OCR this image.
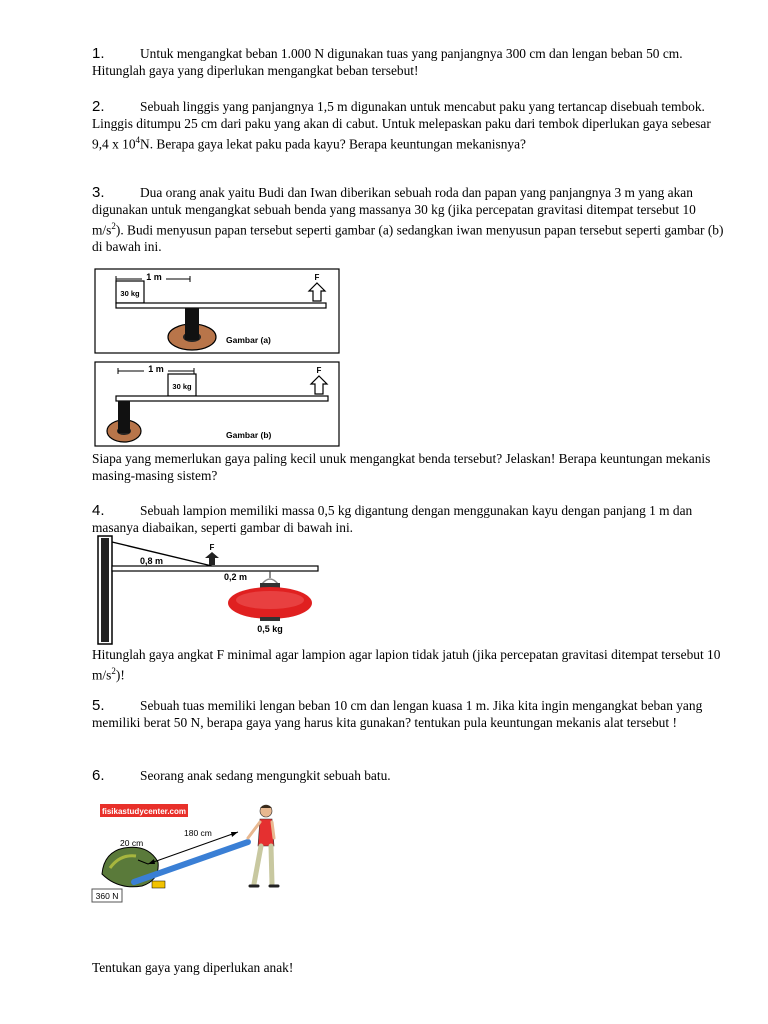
1.	Untuk mengangkat beban 1.000 N digunakan tuas yang panjangnya 300 cm dan lengan beban 50 cm. Hitunglah gaya yang diperlukan mengangkat beban tersebut!
2.	Sebuah linggis yang panjangnya 1,5 m digunakan untuk mencabut paku yang tertancap disebuah tembok. Linggis ditumpu 25 cm dari paku yang akan di cabut. Untuk melepaskan paku dari tembok diperlukan gaya sebesar 9,4 x $10^4N$. Berapa gaya lekat paku pada kayu? Berapa keuntungan mekanisnya?
3.	Dua orang anak yaitu Budi dan Iwan diberikan sebuah roda dan papan yang panjangnya 3 m yang akan digunakan untuk mengangkat sebuah benda yang massanya 30 kg (jika percepatan gravitasi ditempat tersebut 10 $m/s^2$). Budi menyusun papan tersebut seperti gambar (a) sedangkan iwan menyusun papan tersebut seperti gambar (b) di bawah ini.
1 m
30 kg
F
Gambar (a)
1 m
30 kg
F
Gambar (b)
Siapa yang memerlukan gaya paling kecil unuk mengangkat benda tersebut? Jelaskan! Berapa keuntungan mekanis masing-masing sistem?
4.	Sebuah lampion memiliki massa 0,5 kg digantung dengan menggunakan kayu dengan panjang 1 m dan masanya diabaikan, seperti gambar di bawah ini.
F
0,8 m
0,2 m
0,5 kg
Hitunglah gaya angkat F minimal agar lampion agar lapion tidak jatuh (jika percepatan gravitasi ditempat tersebut 10 $m/s^2$)!
5.	Sebuah tuas memiliki lengan beban 10 cm dan lengan kuasa 1 m. Jika kita ingin mengangkat beban yang memiliki berat 50 N, berapa gaya yang harus kita gunakan? tentukan pula keuntungan mekanis alat tersebut !
6.	Seorang anak sedang mengungkit sebuah batu.
fisikastudycenter.com
180 cm
20 cm
360 N
Tentukan gaya yang diperlukan anak!
